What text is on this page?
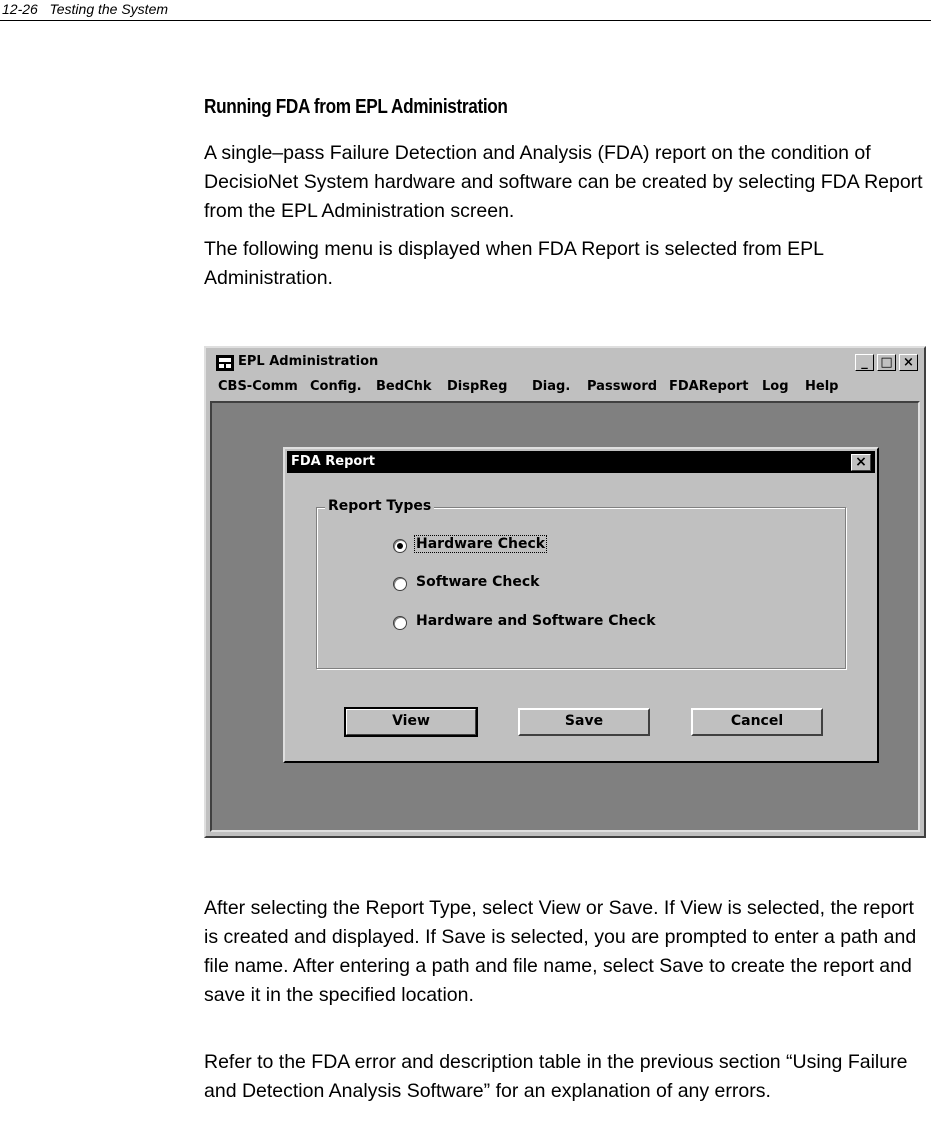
12-26   Testing the System
Running FDA from EPL Administration
A single–pass Failure Detection and Analysis (FDA) report on the condition of DecisioNet System hardware and software can be created by selecting FDA Report from the EPL Administration screen.
The following menu is displayed when FDA Report is selected from EPL Administration.
EPL Administration	_ □ ×
CBS-Comm Config. BedChk DispReg Diag. Password FDAReport Log Help
FDA Report	×
Report Types
Hardware Check
Software Check
Hardware and Software Check
View	Save	Cancel
After selecting the Report Type, select View or Save. If View is selected, the report is created and displayed. If Save is selected, you are prompted to enter a path and file name. After entering a path and file name, select Save to create the report and save it in the specified location.
Refer to the FDA error and description table in the previous section “Using Failure and Detection Analysis Software” for an explanation of any errors.
